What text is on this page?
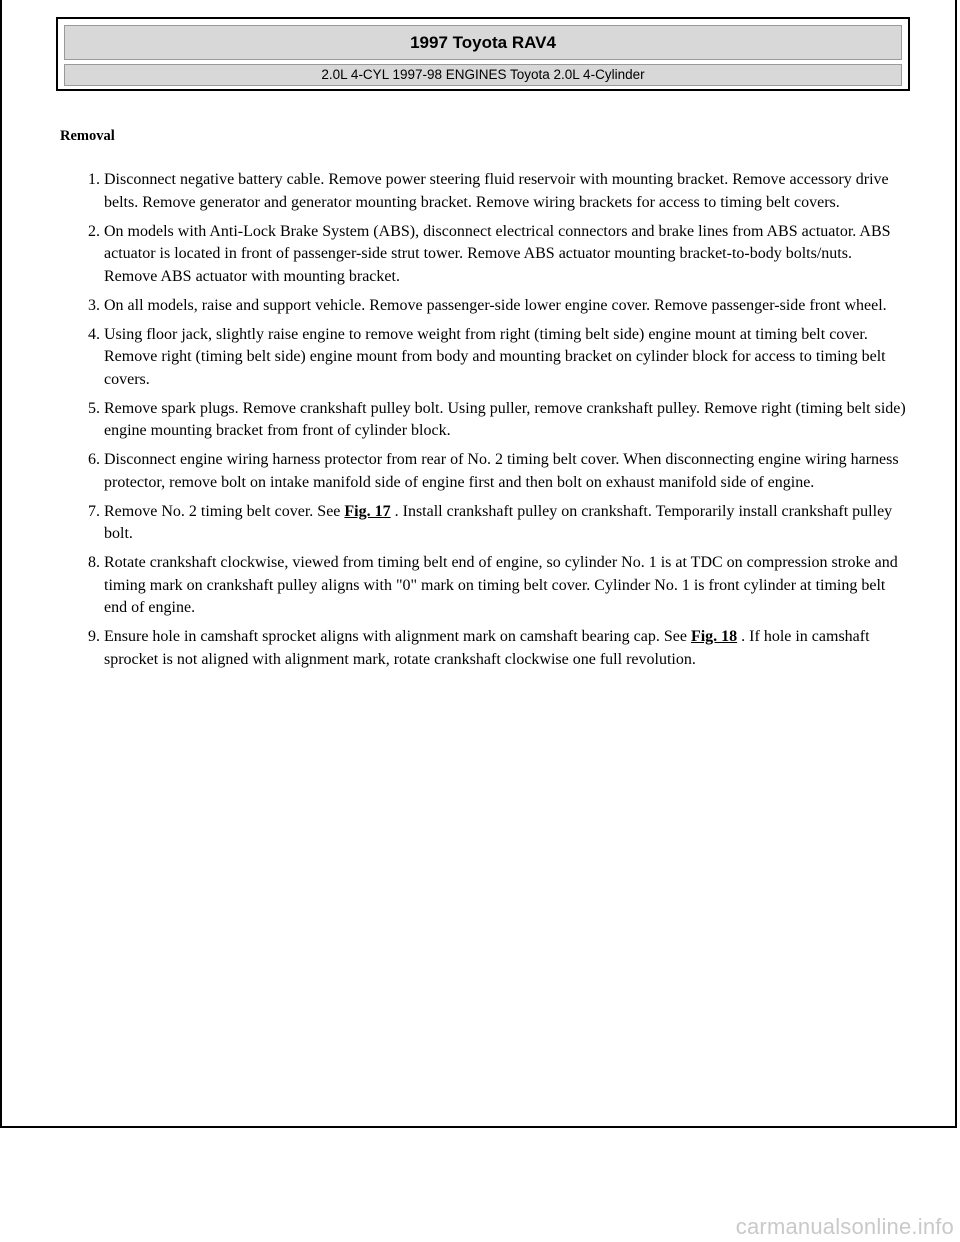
1997 Toyota RAV4
2.0L 4-CYL 1997-98 ENGINES Toyota 2.0L 4-Cylinder
Removal
1. Disconnect negative battery cable. Remove power steering fluid reservoir with mounting bracket. Remove accessory drive belts. Remove generator and generator mounting bracket. Remove wiring brackets for access to timing belt covers.
2. On models with Anti-Lock Brake System (ABS), disconnect electrical connectors and brake lines from ABS actuator. ABS actuator is located in front of passenger-side strut tower. Remove ABS actuator mounting bracket-to-body bolts/nuts. Remove ABS actuator with mounting bracket.
3. On all models, raise and support vehicle. Remove passenger-side lower engine cover. Remove passenger-side front wheel.
4. Using floor jack, slightly raise engine to remove weight from right (timing belt side) engine mount at timing belt cover. Remove right (timing belt side) engine mount from body and mounting bracket on cylinder block for access to timing belt covers.
5. Remove spark plugs. Remove crankshaft pulley bolt. Using puller, remove crankshaft pulley. Remove right (timing belt side) engine mounting bracket from front of cylinder block.
6. Disconnect engine wiring harness protector from rear of No. 2 timing belt cover. When disconnecting engine wiring harness protector, remove bolt on intake manifold side of engine first and then bolt on exhaust manifold side of engine.
7. Remove No. 2 timing belt cover. See Fig. 17 . Install crankshaft pulley on crankshaft. Temporarily install crankshaft pulley bolt.
8. Rotate crankshaft clockwise, viewed from timing belt end of engine, so cylinder No. 1 is at TDC on compression stroke and timing mark on crankshaft pulley aligns with "0" mark on timing belt cover. Cylinder No. 1 is front cylinder at timing belt end of engine.
9. Ensure hole in camshaft sprocket aligns with alignment mark on camshaft bearing cap. See Fig. 18 . If hole in camshaft sprocket is not aligned with alignment mark, rotate crankshaft clockwise one full revolution.
carmanualsonline.info
